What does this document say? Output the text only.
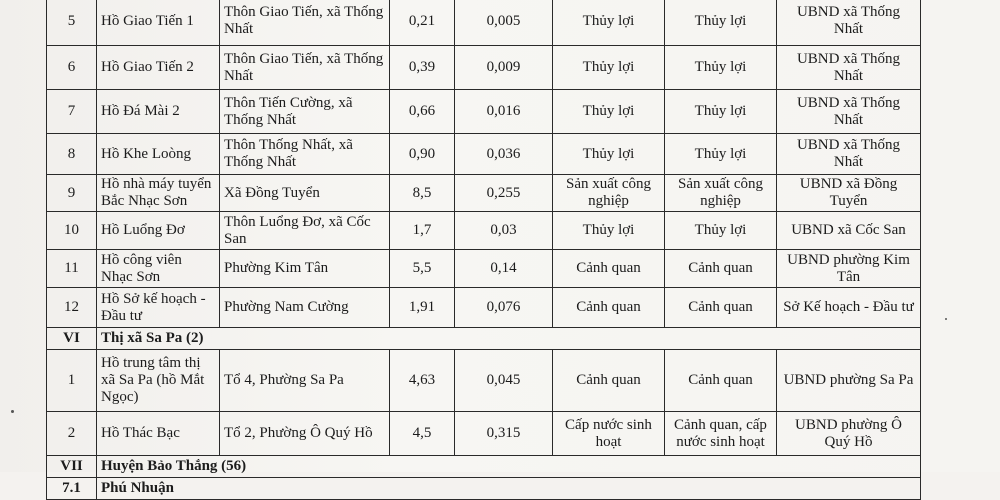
5	Hồ Giao Tiến 1	Thôn Giao Tiến, xã Thống Nhất	0,21	0,005	Thủy lợi	Thủy lợi	UBND xã Thống Nhất
6	Hồ Giao Tiến 2	Thôn Giao Tiến, xã Thống Nhất	0,39	0,009	Thủy lợi	Thủy lợi	UBND xã Thống Nhất
7	Hồ Đá Mài 2	Thôn Tiến Cường, xã Thống Nhất	0,66	0,016	Thủy lợi	Thủy lợi	UBND xã Thống Nhất
8	Hồ Khe Loòng	Thôn Thống Nhất, xã Thống Nhất	0,90	0,036	Thủy lợi	Thủy lợi	UBND xã Thống Nhất
9	Hồ nhà máy tuyển Bắc Nhạc Sơn	Xã Đồng Tuyển	8,5	0,255	Sản xuất công nghiệp	Sản xuất công nghiệp	UBND xã Đồng Tuyển
10	Hồ Luổng Đơ	Thôn Luổng Đơ, xã Cốc San	1,7	0,03	Thủy lợi	Thủy lợi	UBND xã Cốc San
11	Hồ công viên Nhạc Sơn	Phường Kim Tân	5,5	0,14	Cảnh quan	Cảnh quan	UBND phường Kim Tân
12	Hồ Sở kế hoạch - Đầu tư	Phường Nam Cường	1,91	0,076	Cảnh quan	Cảnh quan	Sở Kế hoạch - Đầu tư
VI	Thị xã Sa Pa (2)						
1	Hồ trung tâm thị xã Sa Pa (hồ Mắt Ngọc)	Tổ 4, Phường Sa Pa	4,63	0,045	Cảnh quan	Cảnh quan	UBND phường Sa Pa
2	Hồ Thác Bạc	Tổ 2, Phường Ô Quý Hồ	4,5	0,315	Cấp nước sinh hoạt	Cảnh quan, cấp nước sinh hoạt	UBND phường Ô Quý Hồ
VII	Huyện Bảo Thắng (56)						
7.1	Phú Nhuận						
